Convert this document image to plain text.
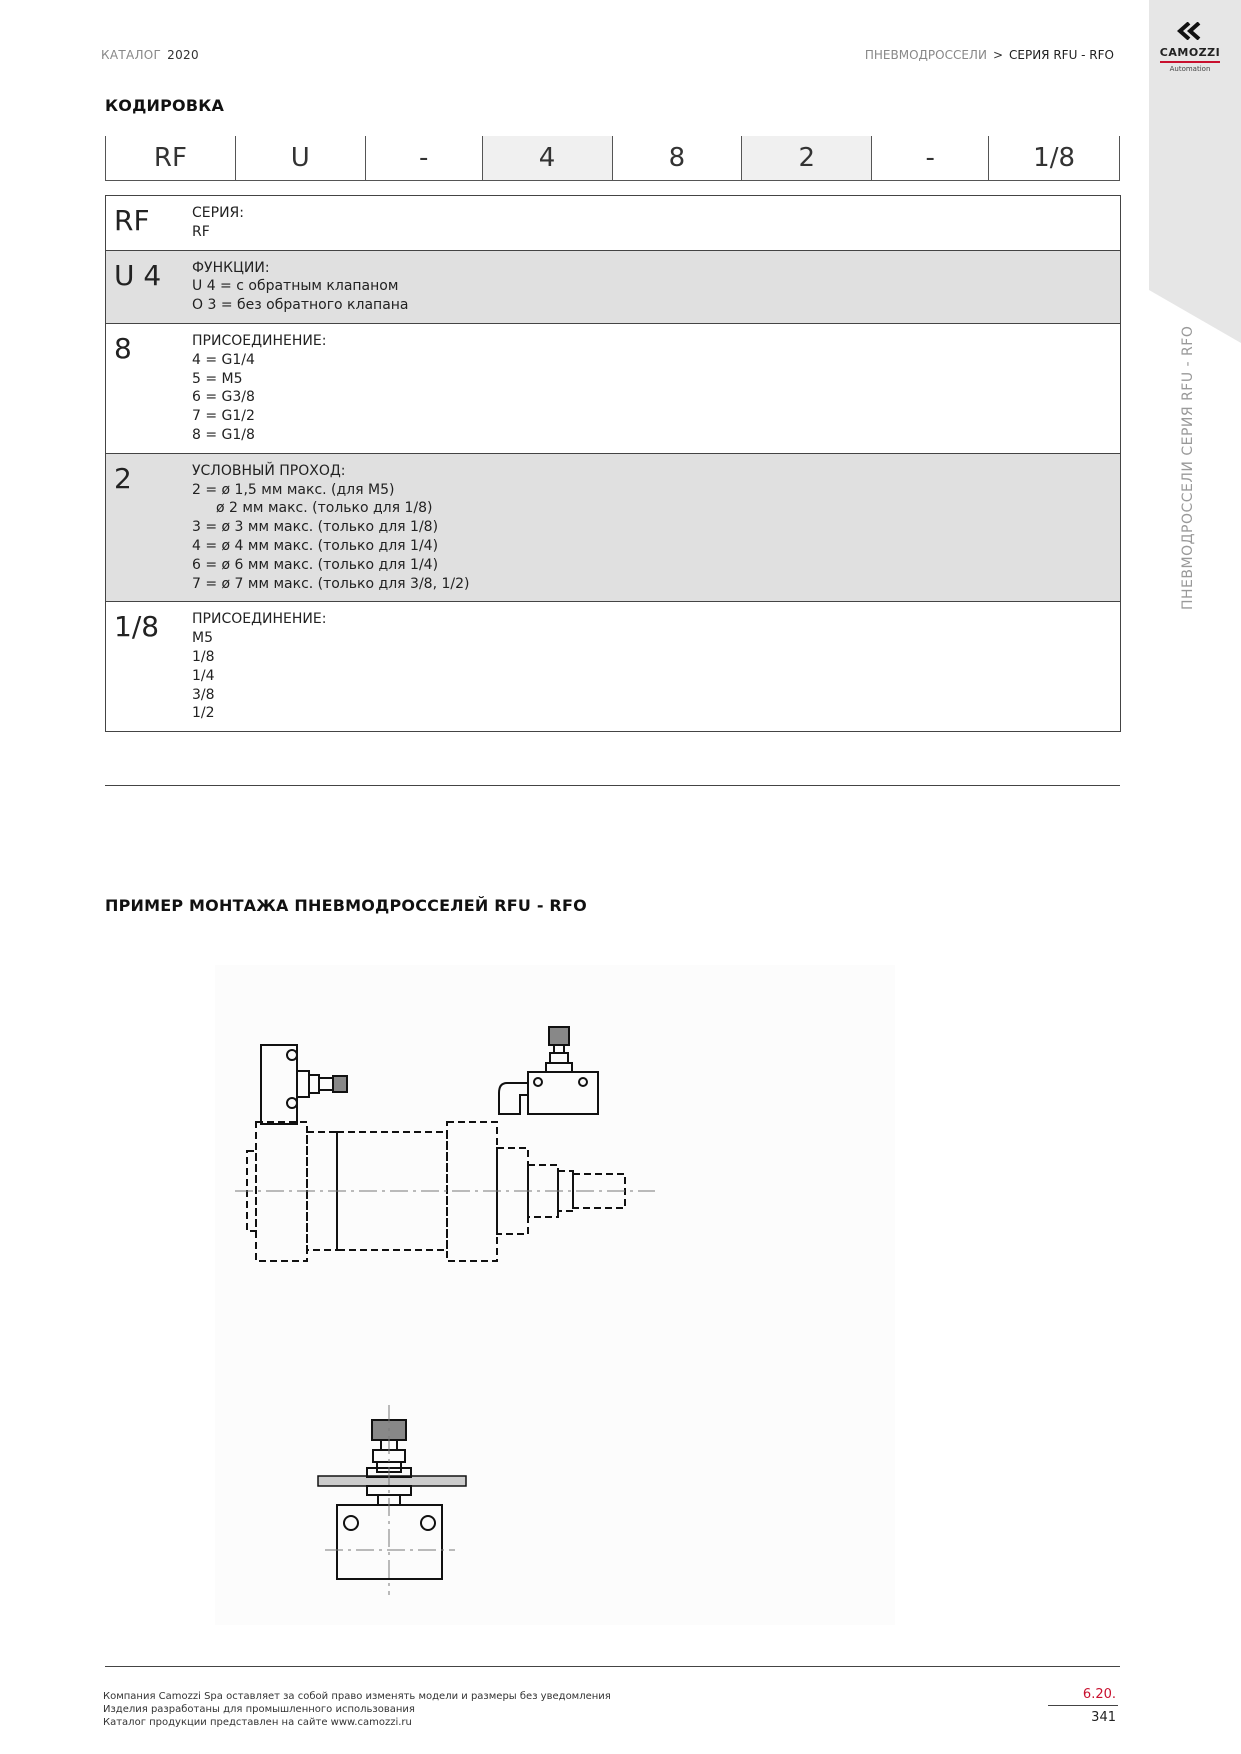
CAMOZZI
Automation
ПНЕВМОДРОССЕЛИ СЕРИЯ RFU - RFO
КАТАЛОГ 2020	ПНЕВМОДРОССЕЛИ > СЕРИЯ RFU - RFO
КОДИРОВКА
RF	U	-	4	8	2	-	1/8
RF	СЕРИЯ:
RF
U 4 ФУНКЦИИ:
U 4 = с обратным клапаном
O 3 = без обратного клапана
8	ПРИСОЕДИНЕНИЕ:
4 = G1/4
5 = M5
6 = G3/8
7 = G1/2
8 = G1/8
2	УСЛОВНЫЙ ПРОХОД:
2 = ø 1,5 мм макс. (для M5)
ø 2 мм макс. (только для 1/8)
3 = ø 3 мм макс. (только для 1/8)
4 = ø 4 мм макс. (только для 1/4)
6 = ø 6 мм макс. (только для 1/4)
7 = ø 7 мм макс. (только для 3/8, 1/2)
1/8 ПРИСОЕДИНЕНИЕ:
M5
1/8
1/4
3/8
1/2
ПРИМЕР МОНТАЖА ПНЕВМОДРОССЕЛЕЙ RFU - RFO
Компания Camozzi Spa оставляет за собой право изменять модели и размеры без уведомления
Изделия разработаны для промышленного использования
Каталог продукции представлен на сайте www.camozzi.ru
6.20.
341
